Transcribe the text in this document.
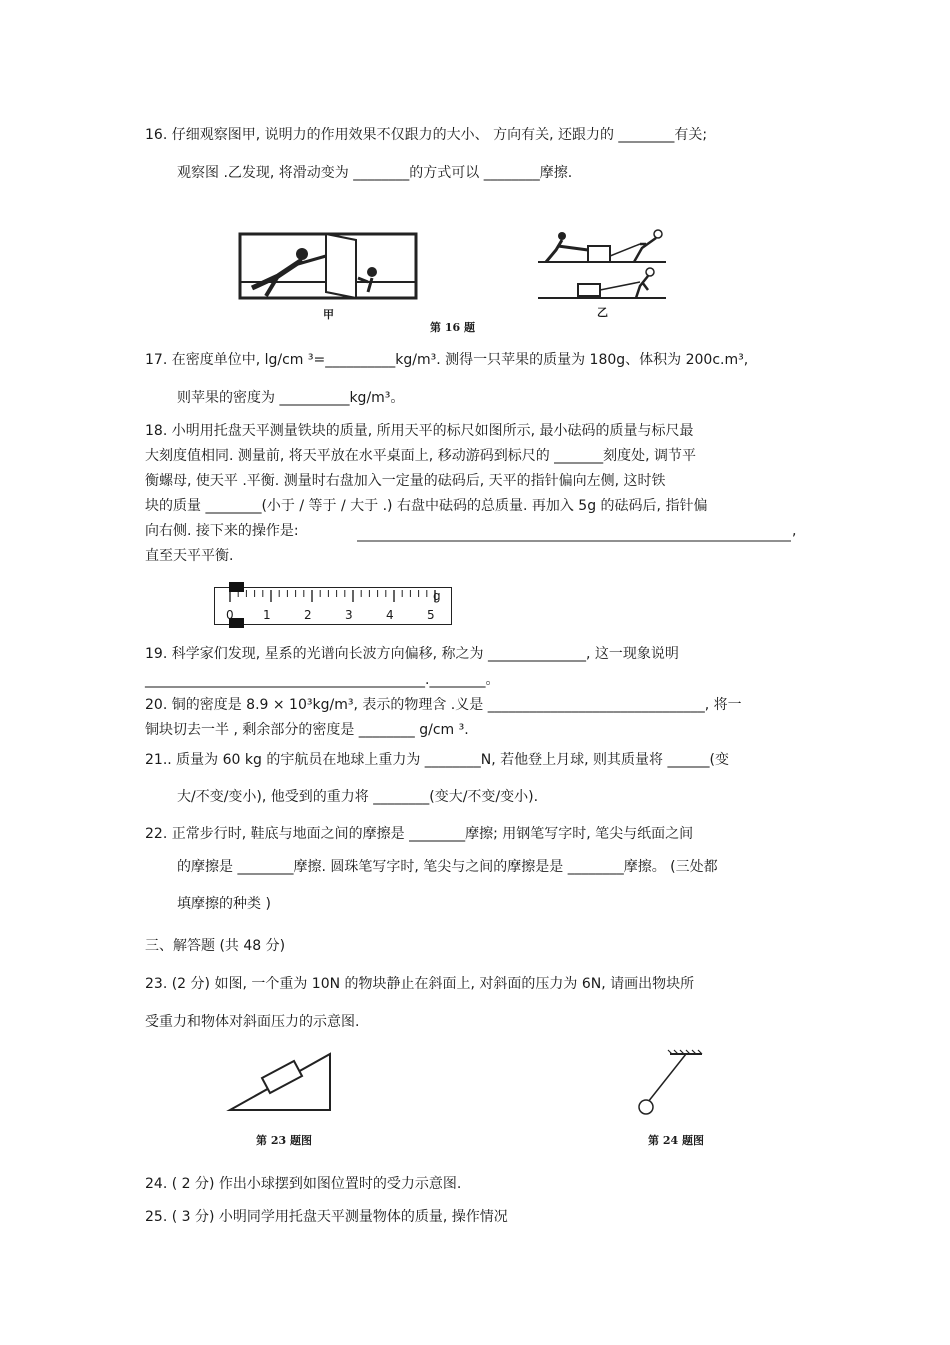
16. 仔细观察图甲, 说明力的作用效果不仅跟力的大小、 方向有关, 还跟力的 ________有关;
观察图 .乙发现, 将滑动变为 ________的方式可以 ________摩擦.
甲	乙
第 16 题
17. 在密度单位中, lg/cm ³=__________kg/m³. 测得一只苹果的质量为 180g、体积为 200c.m³,
则苹果的密度为 __________kg/m³。
18. 小明用托盘天平测量铁块的质量, 所用天平的标尺如图所示, 最小砝码的质量与标尺最
大刻度值相同. 测量前, 将天平放在水平桌面上, 移动游码到标尺的 _______刻度处, 调节平
衡螺母, 使天平 .平衡. 测量时右盘加入一定量的砝码后, 天平的指针偏向左侧, 这时铁
块的质量 ________(小于 / 等于 / 大于 .) 右盘中砝码的总质量. 再加入 5g 的砝码后, 指针偏
向右侧. 接下来的操作是:	,
直至天平平衡.
0 1	2	3	4	5
g
19. 科学家们发现, 星系的光谱向长波方向偏移, 称之为 ______________, 这一现象说明
________________________________________.________。
20. 铜的密度是 8.9 × 10³kg/m³, 表示的物理含 .义是 _______________________________, 将一
铜块切去一半 , 剩余部分的密度是 ________ g/cm ³.
21.. 质量为 60 kg 的宇航员在地球上重力为 ________N, 若他登上月球, 则其质量将 ______(变
大/不变/变小), 他受到的重力将 ________(变大/不变/变小).
22. 正常步行时, 鞋底与地面之间的摩擦是 ________摩擦; 用钢笔写字时, 笔尖与纸面之间
的摩擦是 ________摩擦. 圆珠笔写字时, 笔尖与之间的摩擦是是 ________摩擦。 (三处都
填摩擦的种类 )
三、解答题 (共 48 分)
23. (2 分) 如图, 一个重为 10N 的物块静止在斜面上, 对斜面的压力为 6N, 请画出物块所
受重力和物体对斜面压力的示意图.
第 23 题图	第 24 题图
24. ( 2 分) 作出小球摆到如图位置时的受力示意图.
25. ( 3 分) 小明同学用托盘天平测量物体的质量, 操作情况
